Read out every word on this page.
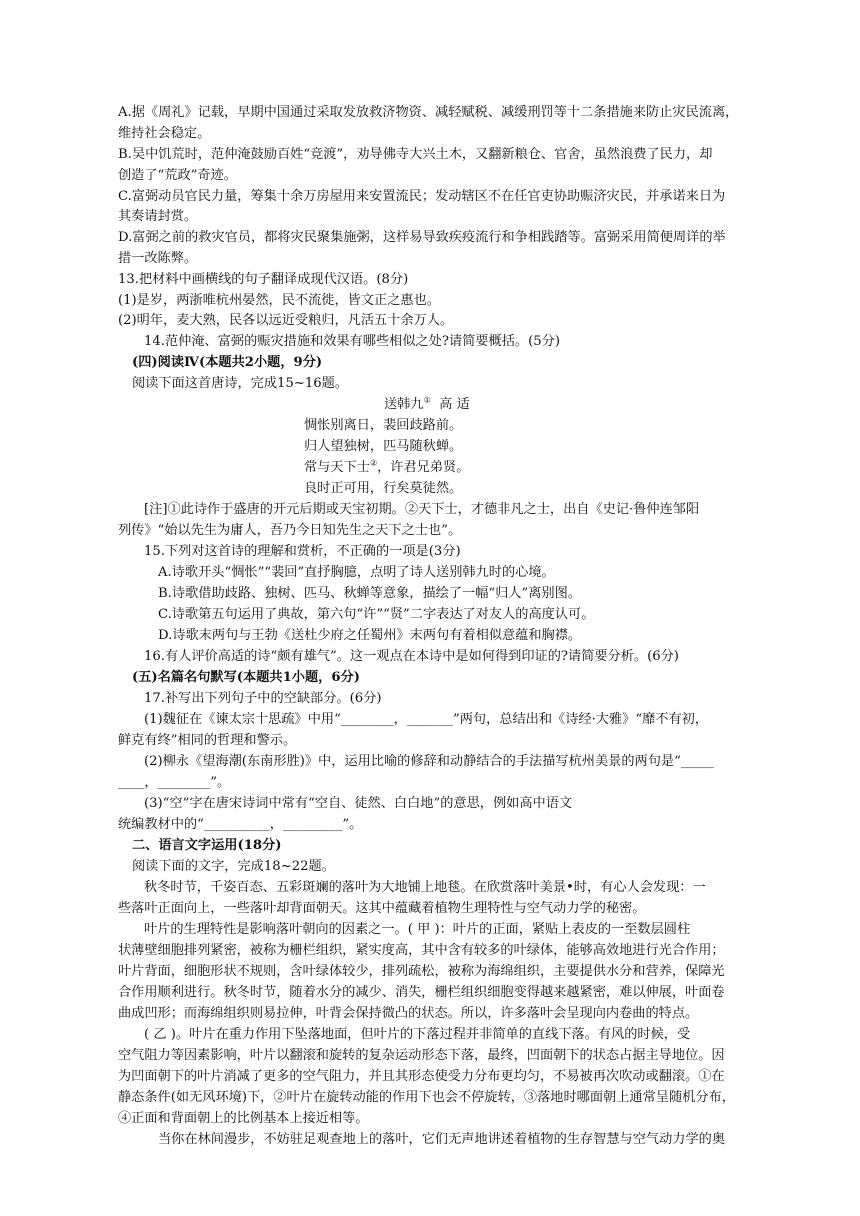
A.据《周礼》记载，早期中国通过采取发放救济物资、减轻赋税、减缓刑罚等十二条措施来防止灾民流离，
维持社会稳定。
B.吴中饥荒时，范仲淹鼓励百姓“竞渡”，劝导佛寺大兴土木，又翻新粮仓、官舍，虽然浪费了民力，却
创造了“荒政”奇迹。
C.富弼动员官民力量，筹集十余万房屋用来安置流民；发动辖区不在任官吏协助赈济灾民，并承诺来日为
其奏请封赏。
D.富弼之前的救灾官员，都将灾民聚集施粥，这样易导致疾疫流行和争相践踏等。富弼采用简便周详的举
措一改陈弊。
13.把材料中画横线的句子翻译成现代汉语。(8分)
(1)是岁，两浙唯杭州晏然，民不流徙，皆文正之惠也。
(2)明年，麦大熟，民各以远近受粮归，凡活五十余万人。
14.范仲淹、富弼的赈灾措施和效果有哪些相似之处?请简要概括。(5分)
(四)阅读Ⅳ(本题共2小题，9分)
阅读下面这首唐诗，完成15~16题。
送韩九① 高 适
惆怅别离日，裴回歧路前。
归人望独树，匹马随秋蝉。
常与天下士②，许君兄弟贤。
良时正可用，行矣莫徒然。
[注]①此诗作于盛唐的开元后期或天宝初期。②天下士，才德非凡之士，出自《史记·鲁仲连邹阳
列传》“始以先生为庸人，吾乃今日知先生之天下之士也”。
15.下列对这首诗的理解和赏析，不正确的一项是(3分)
A.诗歌开头“惆怅”“裴回”直抒胸臆，点明了诗人送别韩九时的心境。
B.诗歌借助歧路、独树、匹马、秋蝉等意象，描绘了一幅“归人”离别图。
C.诗歌第五句运用了典故，第六句“许”“贤”二字表达了对友人的高度认可。
D.诗歌末两句与王勃《送杜少府之任蜀州》末两句有着相似意蕴和胸襟。
16.有人评价高适的诗“颇有雄气”。这一观点在本诗中是如何得到印证的?请简要分析。(6分)
(五)名篇名句默写(本题共1小题，6分)
17.补写出下列句子中的空缺部分。(6分)
(1)魏征在《谏太宗十思疏》中用“________，_______”两句，总结出和《诗经·大雅》“靡不有初，
鲜克有终”相同的哲理和警示。
(2)柳永《望海潮(东南形胜)》中，运用比喻的修辞和动静结合的手法描写杭州美景的两句是“_____
____，________”。
(3)“空”字在唐宋诗词中常有“空自、徒然、白白地”的意思，例如高中语文
统编教材中的“__________，_________”。
二、语言文字运用(18分)
阅读下面的文字，完成18~22题。
秋冬时节，千姿百态、五彩斑斓的落叶为大地铺上地毯。在欣赏落叶美景•时，有心人会发现：一
些落叶正面向上，一些落叶却背面朝天。这其中蕴藏着植物生理特性与空气动力学的秘密。
叶片的生理特性是影响落叶朝向的因素之一。( 甲 )：叶片的正面，紧贴上表皮的一至数层圆柱
状薄壁细胞排列紧密，被称为栅栏组织，紧实度高，其中含有较多的叶绿体，能够高效地进行光合作用；
叶片背面，细胞形状不规则，含叶绿体较少，排列疏松，被称为海绵组织，主要提供水分和营养，保障光
合作用顺利进行。秋冬时节，随着水分的减少、消失，栅栏组织细胞变得越来越紧密，难以伸展，叶面卷
曲成凹形；而海绵组织则易拉伸，叶背会保持微凸的状态。所以，许多落叶会呈现向内卷曲的特点。
( 乙 )。叶片在重力作用下坠落地面，但叶片的下落过程并非简单的直线下落。有风的时候，受
空气阻力等因素影响，叶片以翻滚和旋转的复杂运动形态下落，最终，凹面朝下的状态占据主导地位。因
为凹面朝下的叶片消减了更多的空气阻力，并且其形态使受力分布更均匀，不易被再次吹动或翻滚。①在
静态条件(如无风环境)下，②叶片在旋转动能的作用下也会不停旋转，③落地时哪面朝上通常呈随机分布，
④正面和背面朝上的比例基本上接近相等。
当你在林间漫步，不妨驻足观查地上的落叶，它们无声地讲述着植物的生存智慧与空气动力学的奥
